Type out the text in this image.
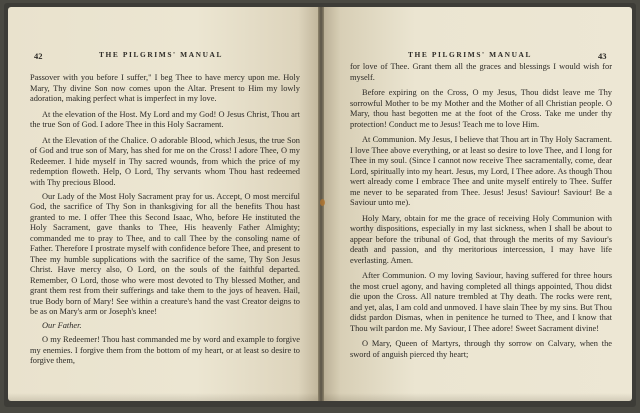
42	THE PILGRIMS' MANUAL

Passover with you before I suffer," I beg Thee to have mercy upon me. Holy Mary, Thy divine Son now comes upon the Altar. Present to Him my lowly adoration, making perfect what is imperfect in my love.

At the elevation of the Host. My Lord and my God! O Jesus Christ, Thou art the true Son of God. I adore Thee in this Holy Sacrament.

At the Elevation of the Chalice. O adorable Blood, which Jesus, the true Son of God and true son of Mary, has shed for me on the Cross! I adore Thee, O my Redeemer. I hide myself in Thy sacred wounds, from which the price of my redemption floweth. Help, O Lord, Thy servants whom Thou hast redeemed with Thy precious Blood.

Our Lady of the Most Holy Sacrament pray for us. Accept, O most merciful God, the sacrifice of Thy Son in thanksgiving for all the benefits Thou hast granted to me. I offer Thee this Second Isaac, Who, before He instituted the Holy Sacrament, gave thanks to Thee, His heavenly Father Almighty; commanded me to pray to Thee, and to call Thee by the consoling name of Father. Therefore I prostrate myself with confidence before Thee, and present to Thee my humble supplications with the sacrifice of the same, Thy Son Jesus Christ. Have mercy also, O Lord, on the souls of the faithful departed. Remember, O Lord, those who were most devoted to Thy blessed Mother, and grant them rest from their sufferings and take them to the joys of heaven. Hail, true Body born of Mary! See within a creature's hand the vast Creator deigns to be as on Mary's arm or Joseph's knee!

Our Father.

O my Redeemer! Thou hast commanded me by word and example to forgive my enemies. I forgive them from the bottom of my heart, or at least so desire to forgive them,

THE PILGRIMS' MANUAL	43

for love of Thee. Grant them all the graces and blessings I would wish for myself.

Before expiring on the Cross, O my Jesus, Thou didst leave me Thy sorrowful Mother to be my Mother and the Mother of all Christian people. O Mary, thou hast begotten me at the foot of the Cross. Take me under thy protection! Conduct me to Jesus! Teach me to love Him.

At Communion. My Jesus, I believe that Thou art in Thy Holy Sacrament. I love Thee above everything, or at least so desire to love Thee, and I long for Thee in my soul. (Since I cannot now receive Thee sacramentally, come, dear Lord, spiritually into my heart. Jesus, my Lord, I Thee adore. As though Thou wert already come I embrace Thee and unite myself entirely to Thee. Suffer me never to be separated from Thee. Jesus! Jesus! Saviour! Saviour! Be a Saviour unto me).

Holy Mary, obtain for me the grace of receiving Holy Communion with worthy dispositions, especially in my last sickness, when I shall be about to appear before the tribunal of God, that through the merits of my Saviour's death and passion, and thy meritorious intercession, I may have life everlasting. Amen.

After Communion. O my loving Saviour, having suffered for three hours the most cruel agony, and having completed all things appointed, Thou didst die upon the Cross. All nature trembled at Thy death. The rocks were rent, and yet, alas, I am cold and unmoved. I have slain Thee by my sins. But Thou didst pardon Dismas, when in penitence he turned to Thee, and I know that Thou wilt pardon me. My Saviour, I Thee adore! Sweet Sacrament divine!

O Mary, Queen of Martyrs, through thy sorrow on Calvary, when the sword of anguish pierced thy heart;
